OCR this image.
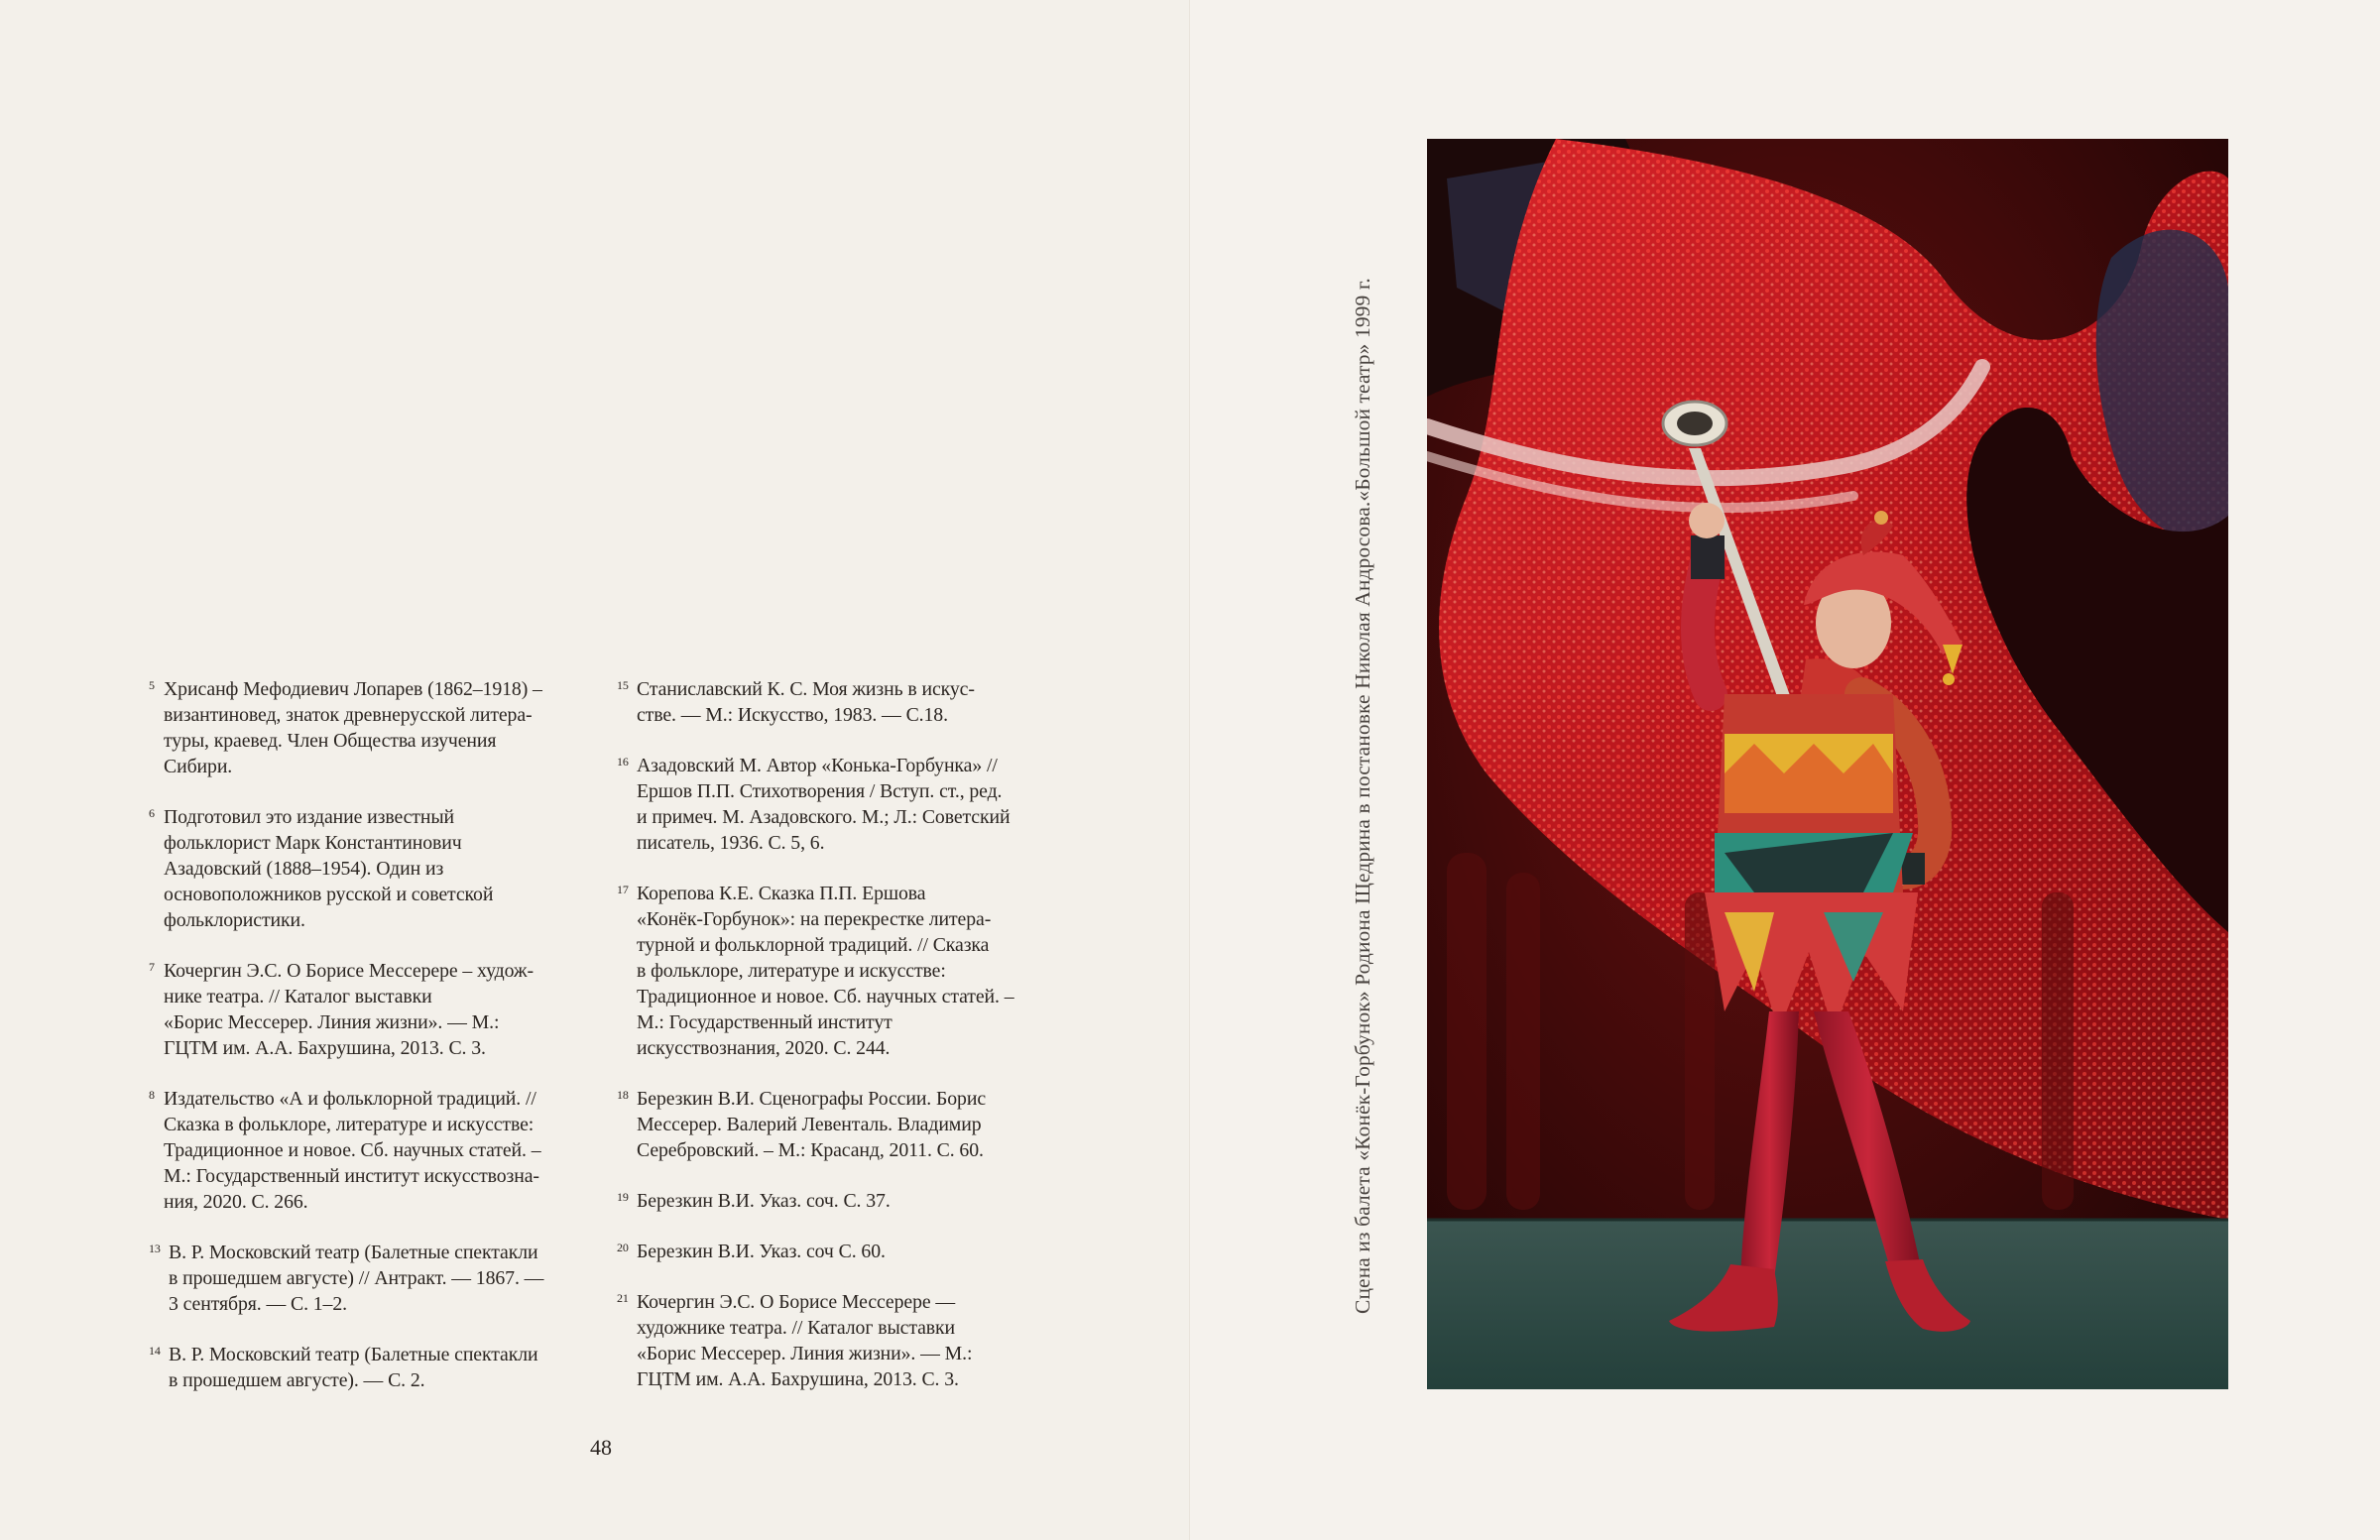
5 Хрисанф Мефодиевич Лопарев (1862–1918) –
византиновед, знаток древнерусской литера-
туры, краевед. Член Общества изучения
Сибири.
6 Подготовил это издание известный
фольклорист Марк Константинович
Азадовский (1888–1954). Один из
основоположников русской и советской
фольклористики.
7 Кочергин Э.С. О Борисе Мессерере – худож-
нике театра. // Каталог выставки
«Борис Мессерер. Линия жизни». — М.:
ГЦТМ им. А.А. Бахрушина, 2013. С. 3.
8 Издательство «А и фольклорной традиций. //
Сказка в фольклоре, литературе и искусстве:
Традиционное и новое. Сб. научных статей. –
М.: Государственный институт искусствозна-
ния, 2020. С. 266.
13 В. Р. Московский театр (Балетные спектакли
в прошедшем августе) // Антракт. — 1867. —
3 сентября. — С. 1–2.
14 В. Р. Московский театр (Балетные спектакли
в прошедшем августе). — С. 2.
15 Станиславский К. С. Моя жизнь в искус-
стве. — М.: Искусство, 1983. — С.18.
16 Азадовский М. Автор «Конька-Горбунка» //
Ершов П.П. Стихотворения / Вступ. ст., ред.
и примеч. М. Азадовского. М.; Л.: Советский
писатель, 1936. С. 5, 6.
17 Корепова К.Е. Сказка П.П. Ершова
«Конёк-Горбунок»: на перекрестке литера-
турной и фольклорной традиций. // Сказка
в фольклоре, литературе и искусстве:
Традиционное и новое. Сб. научных статей. –
М.: Государственный институт
искусствознания, 2020. С. 244.
18 Березкин В.И. Сценографы России. Борис
Мессерер. Валерий Левенталь. Владимир
Серебровский. – М.: Красанд, 2011. С. 60.
19 Березкин В.И. Указ. соч. С. 37.
20 Березкин В.И. Указ. соч С. 60.
21 Кочергин Э.С. О Борисе Мессерере —
художнике театра. // Каталог выставки
«Борис Мессерер. Линия жизни». — М.:
ГЦТМ им. А.А. Бахрушина, 2013. С. 3.
48
Сцена из балета «Конёк-Горбунок» Родиона Щедрина в постановке Николая Андросова.«Большой театр» 1999 г.
